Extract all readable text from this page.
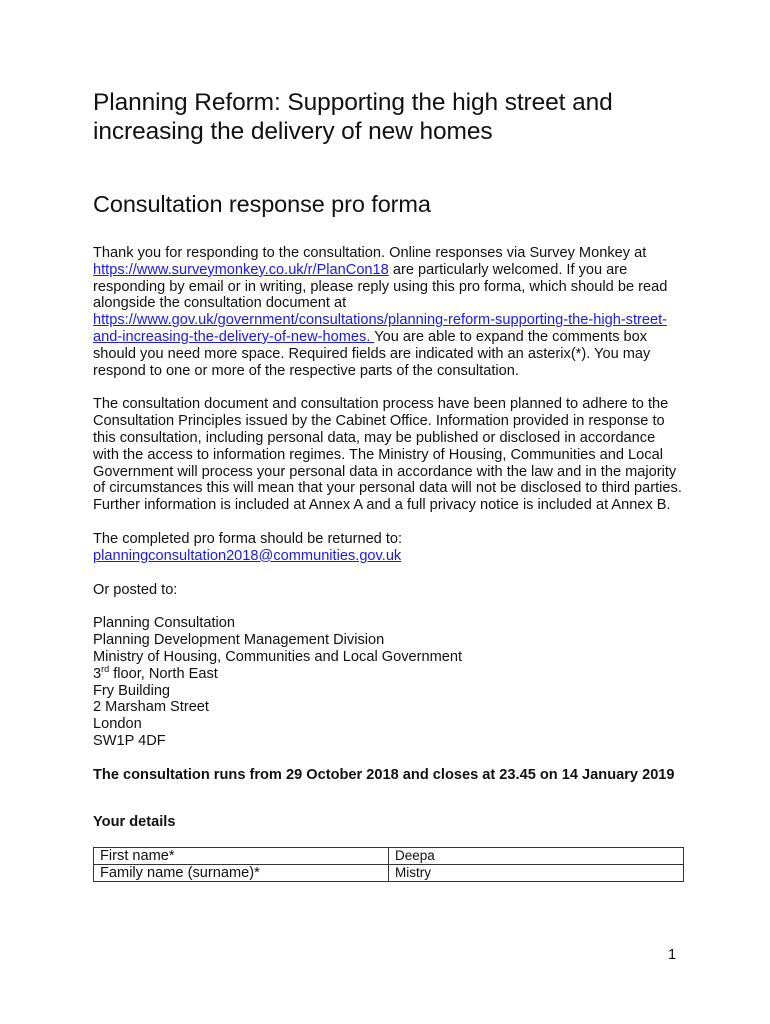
Planning Reform: Supporting the high street and increasing the delivery of new homes
Consultation response pro forma

Thank you for responding to the consultation. Online responses via Survey Monkey at https://www.surveymonkey.co.uk/r/PlanCon18 are particularly welcomed. If you are responding by email or in writing, please reply using this pro forma, which should be read alongside the consultation document at https://www.gov.uk/government/consultations/planning-reform-supporting-the-high-street-and-increasing-the-delivery-of-new-homes. You are able to expand the comments box should you need more space. Required fields are indicated with an asterix(*). You may respond to one or more of the respective parts of the consultation.

The consultation document and consultation process have been planned to adhere to the Consultation Principles issued by the Cabinet Office. Information provided in response to this consultation, including personal data, may be published or disclosed in accordance with the access to information regimes. The Ministry of Housing, Communities and Local Government will process your personal data in accordance with the law and in the majority of circumstances this will mean that your personal data will not be disclosed to third parties. Further information is included at Annex A and a full privacy notice is included at Annex B.

The completed pro forma should be returned to:
planningconsultation2018@communities.gov.uk

Or posted to:

Planning Consultation
Planning Development Management Division
Ministry of Housing, Communities and Local Government
3rd floor, North East
Fry Building
2 Marsham Street
London
SW1P 4DF

The consultation runs from 29 October 2018 and closes at 23.45 on 14 January 2019

Your details

First name*	Deepa
Family name (surname)*	Mistry
1
